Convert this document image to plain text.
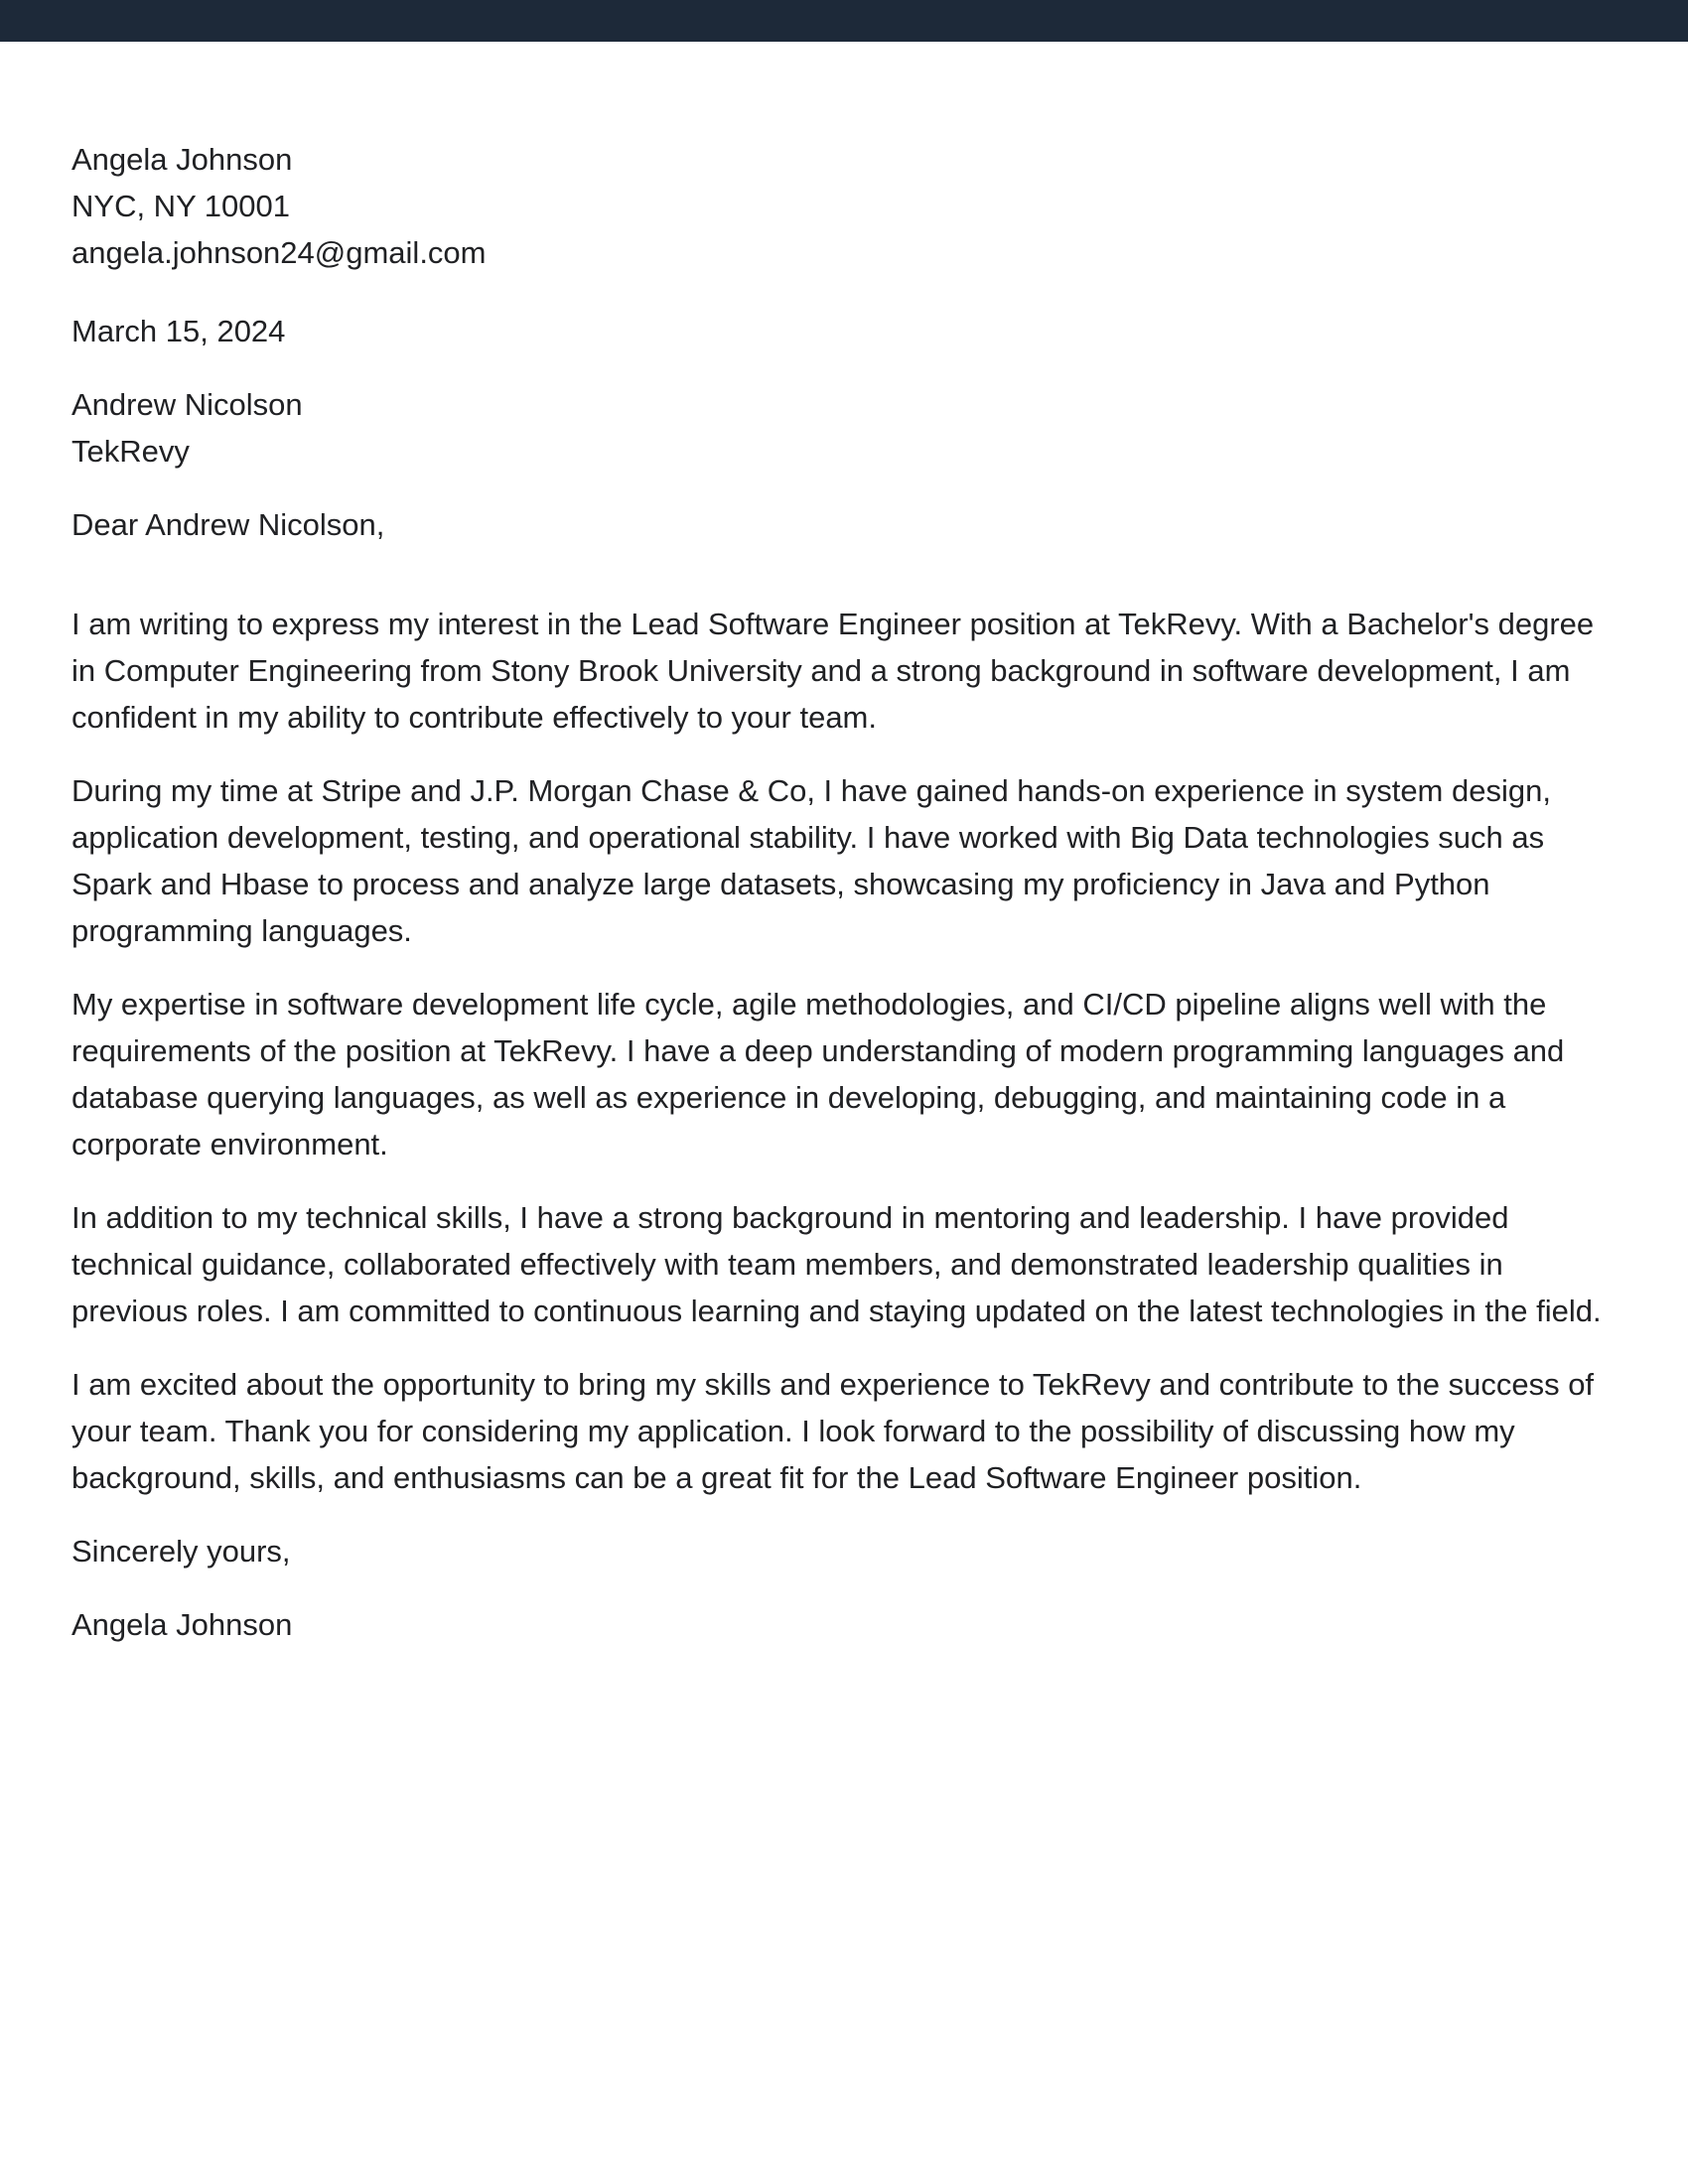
Angela Johnson
NYC, NY 10001
angela.johnson24@gmail.com
March 15, 2024
Andrew Nicolson
TekRevy
Dear Andrew Nicolson,

I am writing to express my interest in the Lead Software Engineer position at TekRevy. With a Bachelor's degree in Computer Engineering from Stony Brook University and a strong background in software development, I am confident in my ability to contribute effectively to your team.

During my time at Stripe and J.P. Morgan Chase & Co, I have gained hands-on experience in system design, application development, testing, and operational stability. I have worked with Big Data technologies such as Spark and Hbase to process and analyze large datasets, showcasing my proficiency in Java and Python programming languages.

My expertise in software development life cycle, agile methodologies, and CI/CD pipeline aligns well with the requirements of the position at TekRevy. I have a deep understanding of modern programming languages and database querying languages, as well as experience in developing, debugging, and maintaining code in a corporate environment.

In addition to my technical skills, I have a strong background in mentoring and leadership. I have provided technical guidance, collaborated effectively with team members, and demonstrated leadership qualities in previous roles. I am committed to continuous learning and staying updated on the latest technologies in the field.

I am excited about the opportunity to bring my skills and experience to TekRevy and contribute to the success of your team. Thank you for considering my application. I look forward to the possibility of discussing how my background, skills, and enthusiasms can be a great fit for the Lead Software Engineer position.

Sincerely yours,
Angela Johnson
